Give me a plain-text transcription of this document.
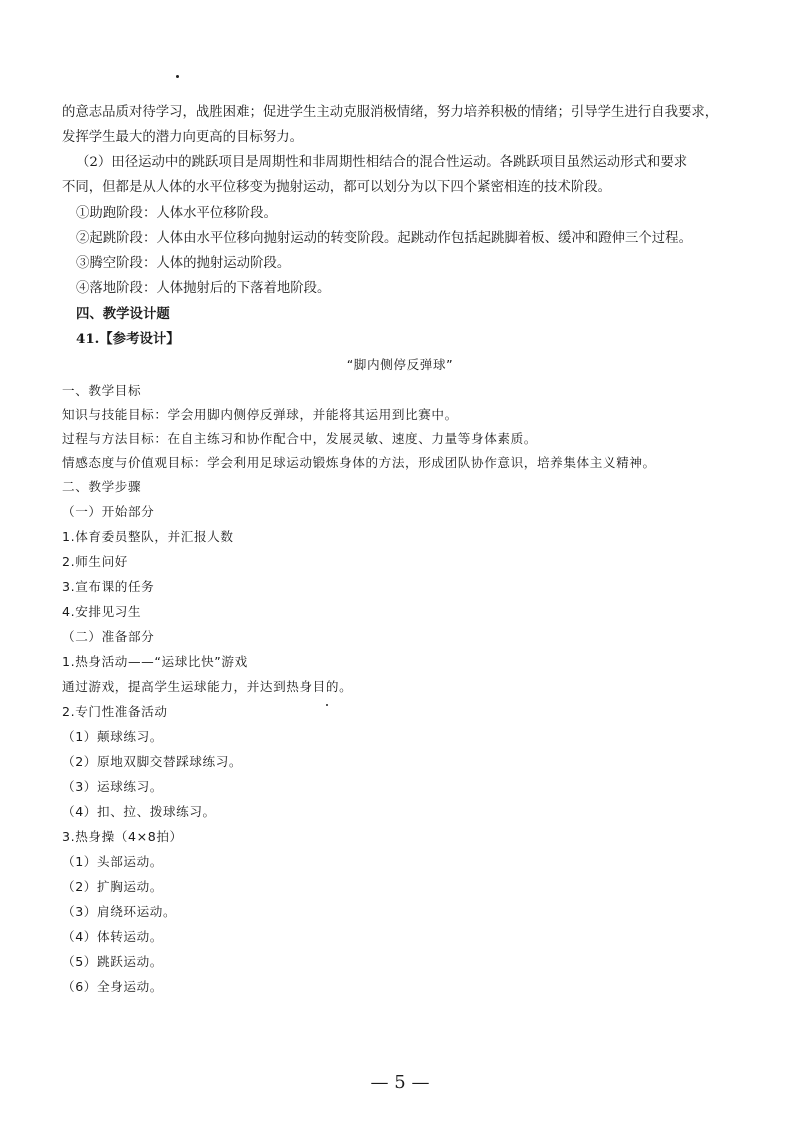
的意志品质对待学习，战胜困难；促进学生主动克服消极情绪，努力培养积极的情绪；引导学生进行自我要求，
发挥学生最大的潜力向更高的目标努力。
（2）田径运动中的跳跃项目是周期性和非周期性相结合的混合性运动。各跳跃项目虽然运动形式和要求
不同，但都是从人体的水平位移变为抛射运动，都可以划分为以下四个紧密相连的技术阶段。
①助跑阶段：人体水平位移阶段。
②起跳阶段：人体由水平位移向抛射运动的转变阶段。起跳动作包括起跳脚着板、缓冲和蹬伸三个过程。
③腾空阶段：人体的抛射运动阶段。
④落地阶段：人体抛射后的下落着地阶段。
四、教学设计题
41.【参考设计】
“脚内侧停反弹球”
一、教学目标
知识与技能目标：学会用脚内侧停反弹球，并能将其运用到比赛中。
过程与方法目标：在自主练习和协作配合中，发展灵敏、速度、力量等身体素质。
情感态度与价值观目标：学会利用足球运动锻炼身体的方法，形成团队协作意识，培养集体主义精神。
二、教学步骤
（一）开始部分
1.体育委员整队，并汇报人数
2.师生问好
3.宣布课的任务
4.安排见习生
（二）准备部分
1.热身活动——“运球比快”游戏
通过游戏，提高学生运球能力，并达到热身目的。
2.专门性准备活动
（1）颠球练习。
（2）原地双脚交替踩球练习。
（3）运球练习。
（4）扣、拉、拨球练习。
3.热身操（4×8拍）
（1）头部运动。
（2）扩胸运动。
（3）肩绕环运动。
（4）体转运动。
（5）跳跃运动。
（6）全身运动。
— 5 —
